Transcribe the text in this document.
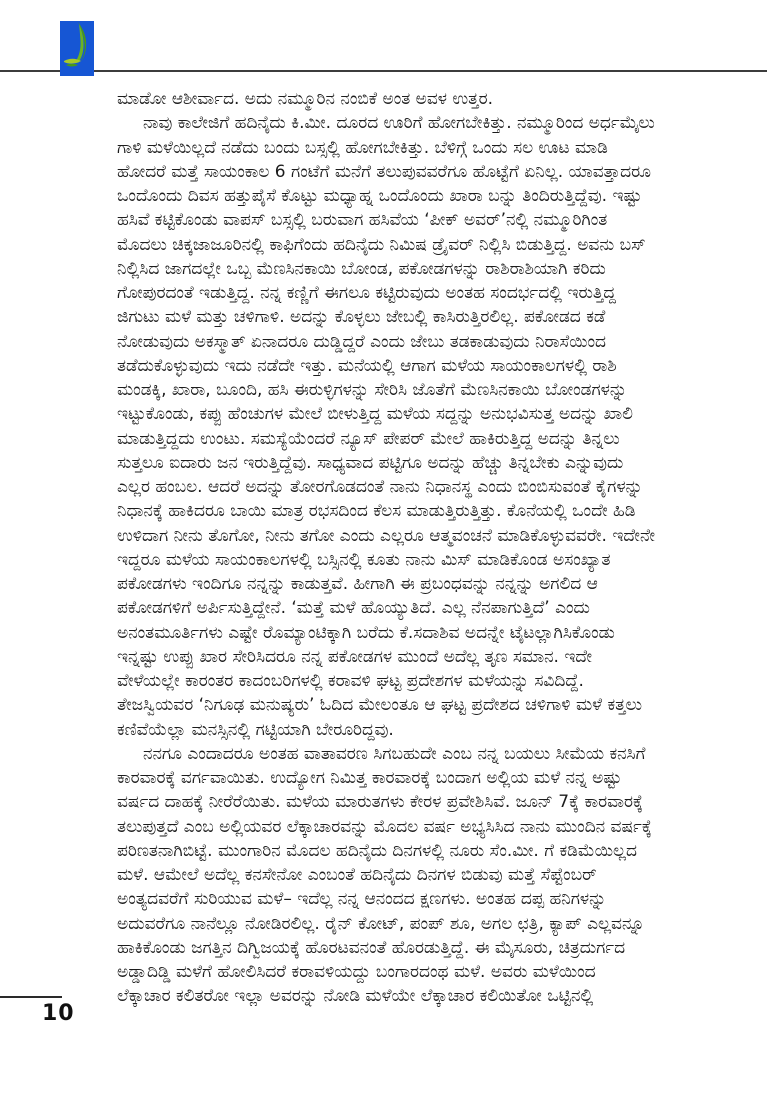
ಮಾಡೋ ಆಶೀರ್ವಾದ. ಅದು ನಮ್ಮೂರಿನ ನಂಬಿಕೆ ಅಂತ ಅವಳ ಉತ್ತರ.
ನಾವು ಕಾಲೇಜಿಗೆ ಹದಿನೈದು ಕಿ.ಮೀ. ದೂರದ ಊರಿಗೆ ಹೋಗಬೇಕಿತ್ತು. ನಮ್ಮೂರಿಂದ ಅರ್ಧಮೈಲು
ಗಾಳಿ ಮಳೆಯಿಲ್ಲದೆ ನಡೆದು ಬಂದು ಬಸ್ಸಲ್ಲಿ ಹೋಗಬೇಕಿತ್ತು. ಬೆಳಿಗ್ಗೆ ಒಂದು ಸಲ ಊಟ ಮಾಡಿ
ಹೋದರೆ ಮತ್ತೆ ಸಾಯಂಕಾಲ 6 ಗಂಟೆಗೆ ಮನೆಗೆ ತಲುಪುವವರೆಗೂ ಹೊಟ್ಟೆಗೆ ಏನಿಲ್ಲ. ಯಾವತ್ತಾದರೂ
ಒಂದೊಂದು ದಿವಸ ಹತ್ತುಪೈಸೆ ಕೊಟ್ಟು ಮಧ್ಯಾಹ್ನ ಒಂದೊಂದು ಖಾರಾ ಬನ್ನು ತಿಂದಿರುತ್ತಿದ್ದೆವು. ಇಷ್ಟು
ಹಸಿವೆ ಕಟ್ಟಿಕೊಂಡು ವಾಪಸ್ ಬಸ್ಸಲ್ಲಿ ಬರುವಾಗ ಹಸಿವೆಯ ‘ಪೀಕ್ ಅವರ್’ನಲ್ಲಿ ನಮ್ಮೂರಿಗಿಂತ
ಮೊದಲು ಚಿಕ್ಕಜಾಜೂರಿನಲ್ಲಿ ಕಾಫಿಗೆಂದು ಹದಿನೈದು ನಿಮಿಷ ಡ್ರೈವರ್ ನಿಲ್ಲಿಸಿ ಬಿಡುತ್ತಿದ್ದ. ಅವನು ಬಸ್
ನಿಲ್ಲಿಸಿದ ಜಾಗದಲ್ಲೇ ಒಬ್ಬ ಮೆಣಸಿನಕಾಯಿ ಬೋಂಡ, ಪಕೋಡಗಳನ್ನು ರಾಶಿರಾಶಿಯಾಗಿ ಕರಿದು
ಗೋಪುರದಂತೆ ಇಡುತ್ತಿದ್ದ. ನನ್ನ ಕಣ್ಣಿಗೆ ಈಗಲೂ ಕಟ್ಟಿರುವುದು ಅಂತಹ ಸಂದರ್ಭದಲ್ಲಿ ಇರುತ್ತಿದ್ದ
ಜಿಗುಟು ಮಳೆ ಮತ್ತು ಚಳಿಗಾಳಿ. ಅದನ್ನು ಕೊಳ್ಳಲು ಜೇಬಲ್ಲಿ ಕಾಸಿರುತ್ತಿರಲಿಲ್ಲ. ಪಕೋಡದ ಕಡೆ
ನೋಡುವುದು ಅಕಸ್ಮಾತ್ ಏನಾದರೂ ದುಡ್ಡಿದ್ದರೆ ಎಂದು ಜೇಬು ತಡಕಾಡುವುದು ನಿರಾಸೆಯಿಂದ
ತಡೆದುಕೊಳ್ಳುವುದು ಇದು ನಡೆದೇ ಇತ್ತು. ಮನೆಯಲ್ಲಿ ಆಗಾಗ ಮಳೆಯ ಸಾಯಂಕಾಲಗಳಲ್ಲಿ ರಾಶಿ
ಮಂಡಕ್ಕಿ, ಖಾರಾ, ಬೂಂದಿ, ಹಸಿ ಈರುಳ್ಳಿಗಳನ್ನು ಸೇರಿಸಿ ಜೊತೆಗೆ ಮೆಣಸಿನಕಾಯಿ ಬೋಂಡಗಳನ್ನು
ಇಟ್ಟುಕೊಂಡು, ಕಪ್ಪು ಹೆಂಚುಗಳ ಮೇಲೆ ಬೀಳುತ್ತಿದ್ದ ಮಳೆಯ ಸದ್ದನ್ನು ಅನುಭವಿಸುತ್ತ ಅದನ್ನು ಖಾಲಿ
ಮಾಡುತ್ತಿದ್ದದು ಉಂಟು. ಸಮಸ್ಯೆಯೆಂದರೆ ನ್ಯೂಸ್ ಪೇಪರ್ ಮೇಲೆ ಹಾಕಿರುತ್ತಿದ್ದ ಅದನ್ನು ತಿನ್ನಲು
ಸುತ್ತಲೂ ಐದಾರು ಜನ ಇರುತ್ತಿದ್ದೆವು. ಸಾಧ್ಯವಾದ ಪಟ್ಟಿಗೂ ಅದನ್ನು ಹೆಚ್ಚು ತಿನ್ನಬೇಕು ಎನ್ನುವುದು
ಎಲ್ಲರ ಹಂಬಲ. ಆದರೆ ಅದನ್ನು ತೋರಗೊಡದಂತೆ ನಾನು ನಿಧಾನಸ್ಥ ಎಂದು ಬಿಂಬಿಸುವಂತೆ ಕೈಗಳನ್ನು
ನಿಧಾನಕ್ಕೆ ಹಾಕಿದರೂ ಬಾಯಿ ಮಾತ್ರ ರಭಸದಿಂದ ಕೆಲಸ ಮಾಡುತ್ತಿರುತ್ತಿತ್ತು. ಕೊನೆಯಲ್ಲಿ ಒಂದೇ ಹಿಡಿ
ಉಳಿದಾಗ ನೀನು ತೊಗೋ, ನೀನು ತಗೋ ಎಂದು ಎಲ್ಲರೂ ಆತ್ಮವಂಚನೆ ಮಾಡಿಕೊಳ್ಳುವವರೇ. ಇದೇನೇ
ಇದ್ದರೂ ಮಳೆಯ ಸಾಯಂಕಾಲಗಳಲ್ಲಿ ಬಸ್ಸಿನಲ್ಲಿ ಕೂತು ನಾನು ಮಿಸ್ ಮಾಡಿಕೊಂಡ ಅಸಂಖ್ಯಾತ
ಪಕೋಡಗಳು ಇಂದಿಗೂ ನನ್ನನ್ನು ಕಾಡುತ್ತವೆ. ಹೀಗಾಗಿ ಈ ಪ್ರಬಂಧವನ್ನು ನನ್ನನ್ನು ಅಗಲಿದ ಆ
ಪಕೋಡಗಳಿಗೆ ಅರ್ಪಿಸುತ್ತಿದ್ದೇನೆ. ‘ಮತ್ತೆ ಮಳೆ ಹೊಯ್ಯುತಿದೆ. ಎಲ್ಲ ನೆನಪಾಗುತ್ತಿದೆ’ ಎಂದು
ಅನಂತಮೂರ್ತಿಗಳು ಎಷ್ಟೇ ರೊಮ್ಯಾಂಟಿಕ್ಕಾಗಿ ಬರೆದು ಕೆ.ಸದಾಶಿವ ಅದನ್ನೇ ಟೈಟಲ್ಲಾಗಿಸಿಕೊಂಡು
ಇನ್ನಷ್ಟು ಉಪ್ಪು ಖಾರ ಸೇರಿಸಿದರೂ ನನ್ನ ಪಕೋಡಗಳ ಮುಂದೆ ಅದೆಲ್ಲ ತೃಣ ಸಮಾನ. ಇದೇ
ವೇಳೆಯಲ್ಲೇ ಕಾರಂತರ ಕಾದಂಬರಿಗಳಲ್ಲಿ ಕರಾವಳಿ ಘಟ್ಟ ಪ್ರದೇಶಗಳ ಮಳೆಯನ್ನು ಸವಿದಿದ್ದೆ.
ತೇಜಸ್ವಿಯವರ ‘ನಿಗೂಢ ಮನುಷ್ಯರು’ ಓದಿದ ಮೇಲಂತೂ ಆ ಘಟ್ಟ ಪ್ರದೇಶದ ಚಳಿಗಾಳಿ ಮಳೆ ಕತ್ತಲು
ಕಣಿವೆಯೆಲ್ಲಾ ಮನಸ್ಸಿನಲ್ಲಿ ಗಟ್ಟಿಯಾಗಿ ಬೇರೂರಿದ್ದವು.
ನನಗೂ ಎಂದಾದರೂ ಅಂತಹ ವಾತಾವರಣ ಸಿಗಬಹುದೇ ಎಂಬ ನನ್ನ ಬಯಲು ಸೀಮೆಯ ಕನಸಿಗೆ
ಕಾರವಾರಕ್ಕೆ ವರ್ಗವಾಯಿತು. ಉದ್ಯೋಗ ನಿಮಿತ್ತ ಕಾರವಾರಕ್ಕೆ ಬಂದಾಗ ಅಲ್ಲಿಯ ಮಳೆ ನನ್ನ ಅಷ್ಟು
ವರ್ಷದ ದಾಹಕ್ಕೆ ನೀರೆರೆಯಿತು. ಮಳೆಯ ಮಾರುತಗಳು ಕೇರಳ ಪ್ರವೇಶಿಸಿವೆ. ಜೂನ್ 7ಕ್ಕೆ ಕಾರವಾರಕ್ಕೆ
ತಲುಪುತ್ತದೆ ಎಂಬ ಅಲ್ಲಿಯವರ ಲೆಕ್ಕಾಚಾರವನ್ನು ಮೊದಲ ವರ್ಷ ಅಭ್ಯಸಿಸಿದ ನಾನು ಮುಂದಿನ ವರ್ಷಕ್ಕೆ
ಪರಿಣತನಾಗಿಬಿಟ್ಟೆ. ಮುಂಗಾರಿನ ಮೊದಲ ಹದಿನೈದು ದಿನಗಳಲ್ಲಿ ನೂರು ಸೆಂ.ಮೀ. ಗೆ ಕಡಿಮೆಯಿಲ್ಲದ
ಮಳೆ. ಆಮೇಲೆ ಅದೆಲ್ಲ ಕನಸೇನೋ ಎಂಬಂತೆ ಹದಿನೈದು ದಿನಗಳ ಬಿಡುವು ಮತ್ತೆ ಸೆಪ್ಟೆಂಬರ್
ಅಂತ್ಯದವರೆಗೆ ಸುರಿಯುವ ಮಳೆ– ಇದೆಲ್ಲ ನನ್ನ ಆನಂದದ ಕ್ಷಣಗಳು. ಅಂತಹ ದಪ್ಪ ಹನಿಗಳನ್ನು
ಅದುವರೆಗೂ ನಾನೆಲ್ಲೂ ನೋಡಿರಲಿಲ್ಲ. ರೈನ್ ಕೋಟ್, ಪಂಪ್ ಶೂ, ಅಗಲ ಛತ್ರಿ, ಕ್ಯಾಪ್ ಎಲ್ಲವನ್ನೂ
ಹಾಕಿಕೊಂಡು ಜಗತ್ತಿನ ದಿಗ್ವಿಜಯಕ್ಕೆ ಹೊರಟವನಂತೆ ಹೊರಡುತ್ತಿದ್ದೆ. ಈ ಮೈಸೂರು, ಚಿತ್ರದುರ್ಗದ
ಅಡ್ಡಾದಿಡ್ಡಿ ಮಳೆಗೆ ಹೋಲಿಸಿದರೆ ಕರಾವಳಿಯದ್ದು ಬಂಗಾರದಂಥ ಮಳೆ. ಅವರು ಮಳೆಯಿಂದ
ಲೆಕ್ಕಾಚಾರ ಕಲಿತರೋ ಇಲ್ಲಾ ಅವರನ್ನು ನೋಡಿ ಮಳೆಯೇ ಲೆಕ್ಕಾಚಾರ ಕಲಿಯಿತೋ ಒಟ್ಟಿನಲ್ಲಿ
10
